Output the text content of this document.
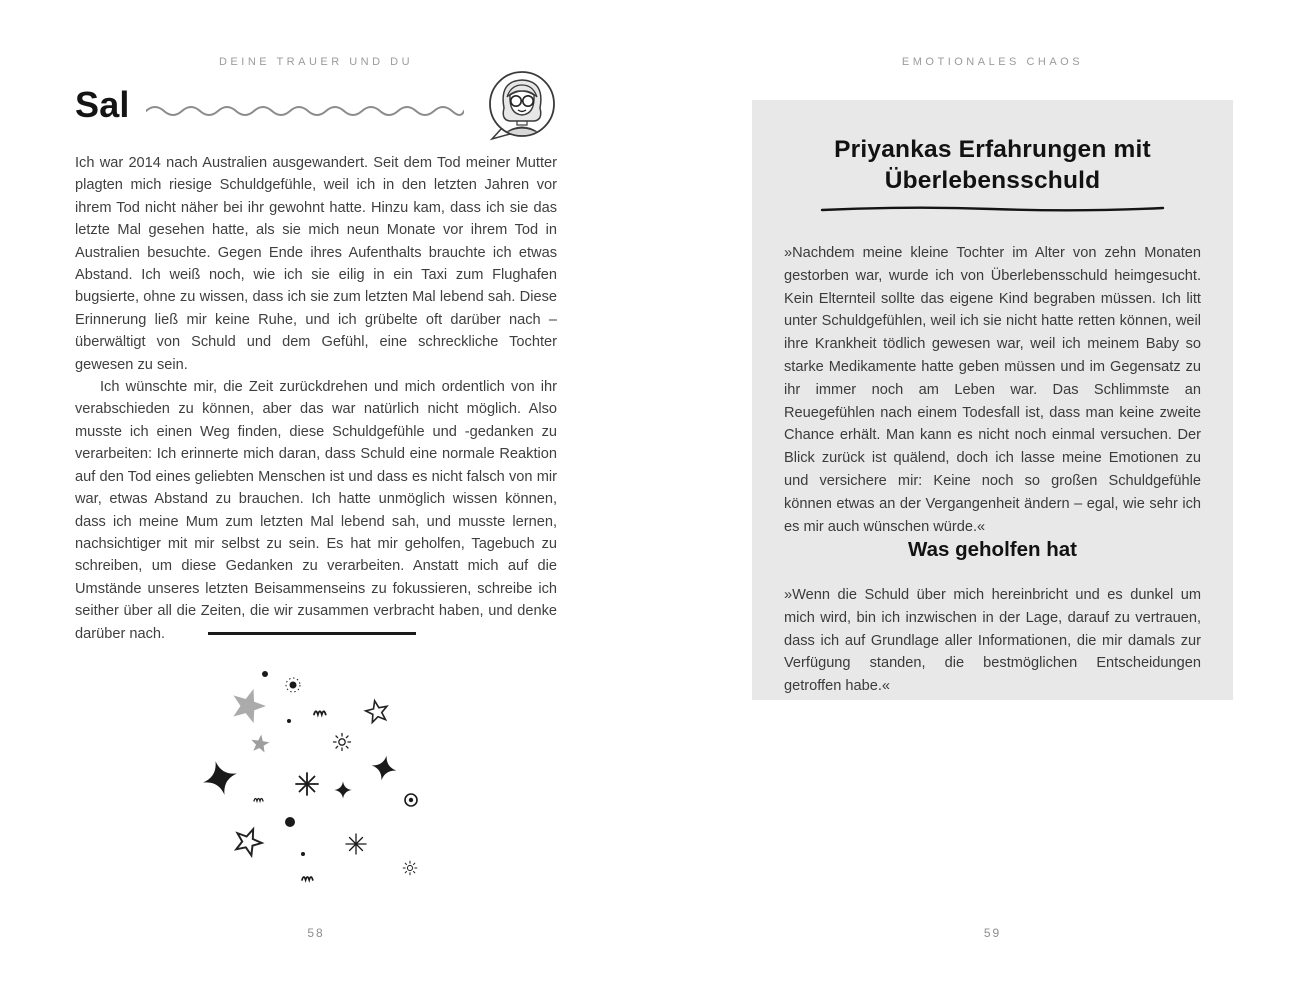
DEINE TRAUER UND DU
Sal

Ich war 2014 nach Australien ausgewandert. Seit dem Tod meiner Mutter plagten mich riesige Schuldgefühle, weil ich in den letzten Jahren vor ihrem Tod nicht näher bei ihr gewohnt hatte. Hinzu kam, dass ich sie das letzte Mal gesehen hatte, als sie mich neun Monate vor ihrem Tod in Australien besuchte. Gegen Ende ihres Aufenthalts brauchte ich etwas Abstand. Ich weiß noch, wie ich sie eilig in ein Taxi zum Flughafen bugsierte, ohne zu wissen, dass ich sie zum letzten Mal lebend sah. Diese Erinnerung ließ mir keine Ruhe, und ich grübelte oft darüber nach – überwältigt von Schuld und dem Gefühl, eine schreckliche Tochter gewesen zu sein.

Ich wünschte mir, die Zeit zurückdrehen und mich ordentlich von ihr verabschieden zu können, aber das war natürlich nicht möglich. Also musste ich einen Weg finden, diese Schuldgefühle und -gedanken zu verarbeiten: Ich erinnerte mich daran, dass Schuld eine normale Reaktion auf den Tod eines geliebten Menschen ist und dass es nicht falsch von mir war, etwas Abstand zu brauchen. Ich hatte unmöglich wissen können, dass ich meine Mum zum letzten Mal lebend sah, und musste lernen, nachsichtiger mit mir selbst zu sein. Es hat mir geholfen, Tagebuch zu schreiben, um diese Gedanken zu verarbeiten. Anstatt mich auf die Umstände unseres letzten Beisammenseins zu fokussieren, schreibe ich seither über all die Zeiten, die wir zusammen verbracht haben, und denke darüber nach.

58
EMOTIONALES CHAOS
Priyankas Erfahrungen mit
Überlebensschuld

»Nachdem meine kleine Tochter im Alter von zehn Monaten gestorben war, wurde ich von Überlebensschuld heimgesucht. Kein Elternteil sollte das eigene Kind begraben müssen. Ich litt unter Schuldgefühlen, weil ich sie nicht hatte retten können, weil ihre Krankheit tödlich gewesen war, weil ich meinem Baby so starke Medikamente hatte geben müssen und im Gegensatz zu ihr immer noch am Leben war. Das Schlimmste an Reuegefühlen nach einem Todesfall ist, dass man keine zweite Chance erhält. Man kann es nicht noch einmal versuchen. Der Blick zurück ist quälend, doch ich lasse meine Emotionen zu und versichere mir: Keine noch so großen Schuldgefühle können etwas an der Vergangenheit ändern – egal, wie sehr ich es mir auch wünschen würde.«

Was geholfen hat

»Wenn die Schuld über mich hereinbricht und es dunkel um mich wird, bin ich inzwischen in der Lage, darauf zu vertrauen, dass ich auf Grundlage aller Informationen, die mir damals zur Verfügung standen, die bestmöglichen Entscheidungen getroffen habe.«

59
